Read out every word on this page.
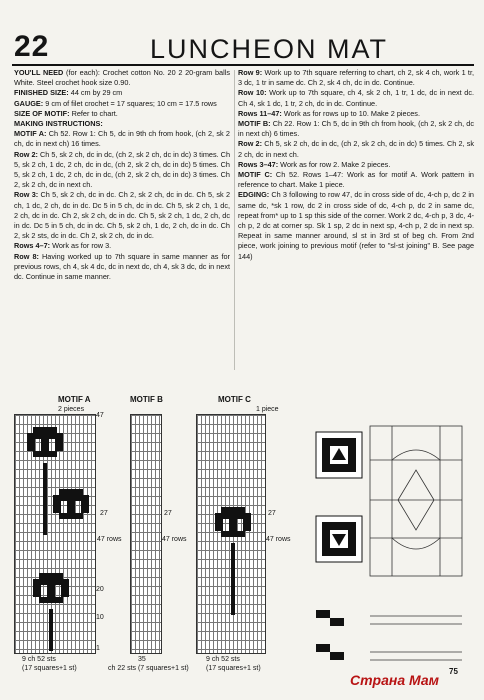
22	LUNCHEON MAT

YOU'LL NEED (for each): Crochet cotton No. 20 2 20-gram balls White. Steel crochet hook size 0.90.

FINISHED SIZE: 44 cm by 29 cm

GAUGE: 9 cm of filet crochet = 17 squares; 10 cm = 17.5 rows

SIZE OF MOTIF: Refer to chart.

MAKING INSTRUCTIONS:

MOTIF A: Ch 52. Row 1: Ch 5, dc in 9th ch from hook, (ch 2, sk 2 ch, dc in next ch) 16 times.

Row 2: Ch 5, sk 2 ch, dc in dc, (ch 2, sk 2 ch, dc in dc) 3 times. Ch 5, sk 2 ch, 1 dc, 2 ch, dc in dc, (ch 2, sk 2 ch, dc in dc) 5 times. Ch 5, sk 2 ch, 1 dc, 2 ch, dc in dc, (ch 2, sk 2 ch, dc in dc) 3 times. Ch 2, sk 2 ch, dc in next ch.

Row 3: Ch 5, sk 2 ch, dc in dc. Ch 2, sk 2 ch, dc in dc. Ch 5, sk 2 ch, 1 dc, 2 ch, dc in dc. Dc 5 in 5 ch, dc in dc. Ch 5, sk 2 ch, 1 dc, 2 ch, dc in dc. Ch 2, sk 2 ch, dc in dc. Ch 5, sk 2 ch, 1 dc, 2 ch, dc in dc. Dc 5 in 5 ch, dc in dc. Ch 5, sk 2 ch, 1 dc, 2 ch, dc in dc. Ch 2, sk 2 sts, dc in dc. Ch 2, sk 2 ch, dc in dc.

Rows 4–7: Work as for row 3.

Row 8: Having worked up to 7th square in same manner as for previous rows, ch 4, sk 4 dc, dc in next dc, ch 4, sk 3 dc, dc in next dc. Continue in same manner.

Row 9: Work up to 7th square referring to chart, ch 2, sk 4 ch, work 1 tr, 3 dc, 1 tr in same dc. Ch 2, sk 4 ch, dc in dc. Continue.

Row 10: Work up to 7th square, ch 4, sk 2 ch, 1 tr, 1 dc, dc in next dc. Ch 4, sk 1 dc, 1 tr, 2 ch, dc in dc. Continue.

Rows 11–47: Work as for rows up to 10. Make 2 pieces.

MOTIF B: Ch 22. Row 1: Ch 5, dc in 9th ch from hook, (ch 2, sk 2 ch, dc in next ch) 6 times.

Row 2: Ch 5, sk 2 ch, dc in dc, (ch 2, sk 2 ch, dc in dc) 5 times. Ch 2, sk 2 ch, dc in next ch.

Rows 3–47: Work as for row 2. Make 2 pieces.

MOTIF C: Ch 52. Rows 1–47: Work as for motif A. Work pattern in reference to chart. Make 1 piece.

EDGING: Ch 3 following to row 47, dc in cross side of dc, 4-ch p, dc 2 in same dc, *sk 1 row, dc 2 in cross side of dc, 4-ch p, dc 2 in same dc, repeat from* up to 1 sp this side of the corner. Work 2 dc, 4-ch p, 3 dc, 4-ch p, 2 dc at corner sp. Sk 1 sp, 2 dc in next sp, 4-ch p, 2 dc in next sp. Repeat in same manner around, sl st in 3rd st of beg ch. From 2nd piece, work joining to previous motif (refer to "sl-st joining" B. See page 144)

MOTIF A
2 pieces
47
27
47 rows
20
10
1
9 ch 52 sts
(17 squares+1 st)
MOTIF B
27
47 rows
35
ch 22 sts (7 squares+1 st)
MOTIF C
1 piece
27
47 rows
9 ch 52 sts
(17 squares+1 st)	75
Страна Мам
